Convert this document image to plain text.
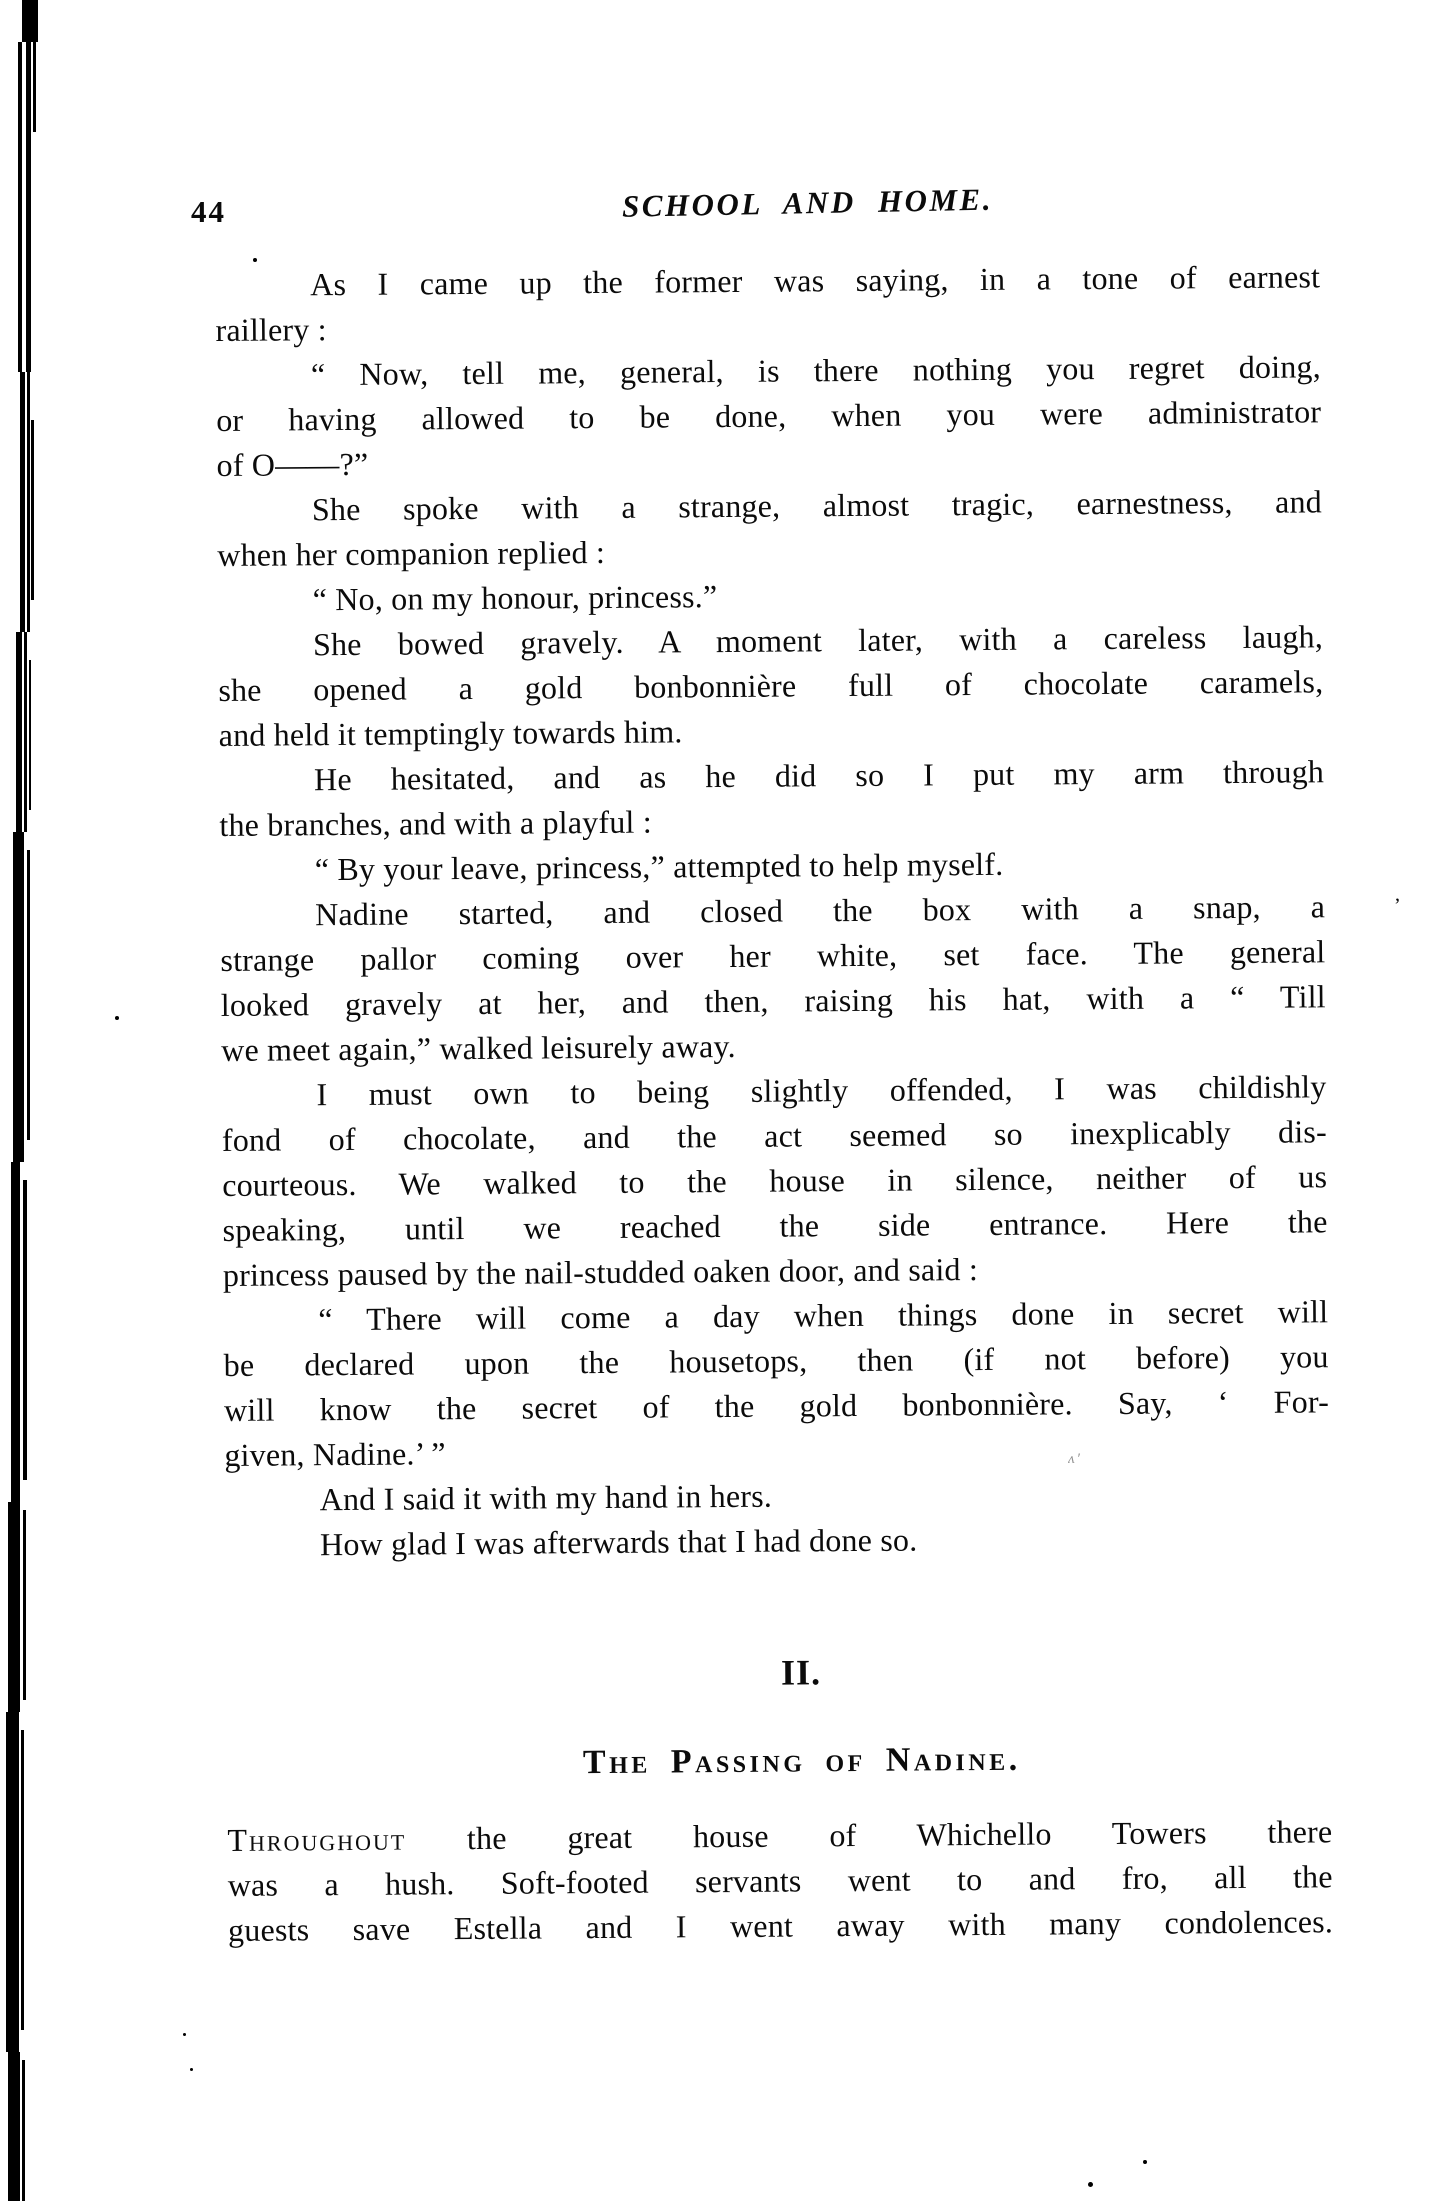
44	SCHOOL AND HOME.
As I came up the former was saying, in a tone of earnest
raillery :
“ Now, tell me, general, is there nothing you regret doing,
or having allowed to be done, when you were administrator
of O——?”
She spoke with a strange, almost tragic, earnestness, and
when her companion replied :
“ No, on my honour, princess.”
She bowed gravely. A moment later, with a careless laugh,
she opened a gold bonbonnière full of chocolate caramels,
and held it temptingly towards him.
He hesitated, and as he did so I put my arm through
the branches, and with a playful :
“ By your leave, princess,” attempted to help myself.
Nadine started, and closed the box with a snap, a
strange pallor coming over her white, set face. The general
looked gravely at her, and then, raising his hat, with a “ Till
we meet again,” walked leisurely away.
I must own to being slightly offended, I was childishly
fond of chocolate, and the act seemed so inexplicably dis-
courteous. We walked to the house in silence, neither of us
speaking, until we reached the side entrance. Here the
princess paused by the nail-studded oaken door, and said :
“ There will come a day when things done in secret will
be declared upon the housetops, then (if not before) you
will know the secret of the gold bonbonnière. Say, ‘ For-
given, Nadine.’ ”
And I said it with my hand in hers.
How glad I was afterwards that I had done so.
II.
The Passing of Nadine.
Throughout the great house of Whichello Towers there
was a hush. Soft-footed servants went to and fro, all the
guests save Estella and I went away with many condolences.
ʼ
ʌ′
